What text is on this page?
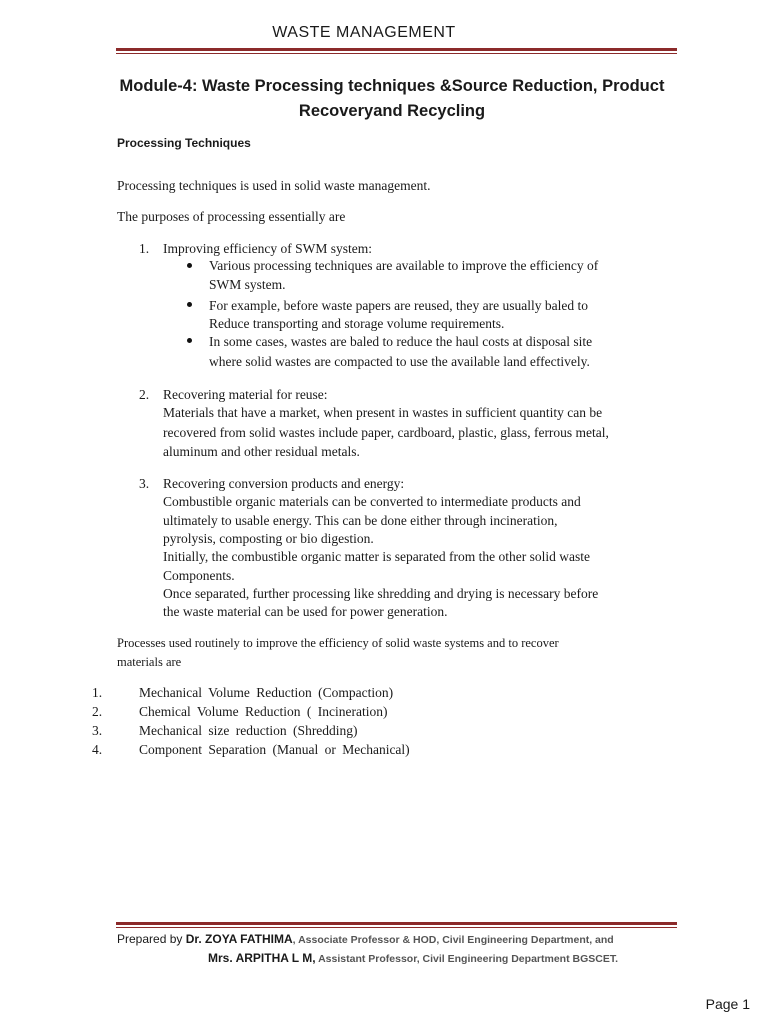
WASTE MANAGEMENT
Module-4: Waste Processing techniques &Source Reduction, Product
Recoveryand Recycling
Processing Techniques
Processing techniques is used in solid waste management.
The purposes of processing essentially are
1. Improving efficiency of SWM system:
Various processing techniques are available to improve the efficiency of
SWM system.
For example, before waste papers are reused, they are usually baled to
Reduce transporting and storage volume requirements.
In some cases, wastes are baled to reduce the haul costs at disposal site
where solid wastes are compacted to use the available land effectively.
2. Recovering material for reuse:
Materials that have a market, when present in wastes in sufficient quantity can be
recovered from solid wastes include paper, cardboard, plastic, glass, ferrous metal,
aluminum and other residual metals.
3. Recovering conversion products and energy:
Combustible organic materials can be converted to intermediate products and
ultimately to usable energy. This can be done either through incineration,
pyrolysis, composting or bio digestion.
Initially, the combustible organic matter is separated from the other solid waste
Components.
Once separated, further processing like shredding and drying is necessary before
the waste material can be used for power generation.
Processes used routinely to improve the efficiency of solid waste systems and to recover
materials are
1.	Mechanical Volume Reduction (Compaction)
2.	Chemical Volume Reduction ( Incineration)
3.	Mechanical size reduction (Shredding)
4.	Component Separation (Manual or Mechanical)
Prepared by Dr. ZOYA FATHIMA, Associate Professor & HOD, Civil Engineering Department, and
Mrs. ARPITHA L M, Assistant Professor, Civil Engineering Department BGSCET.
Page 1
